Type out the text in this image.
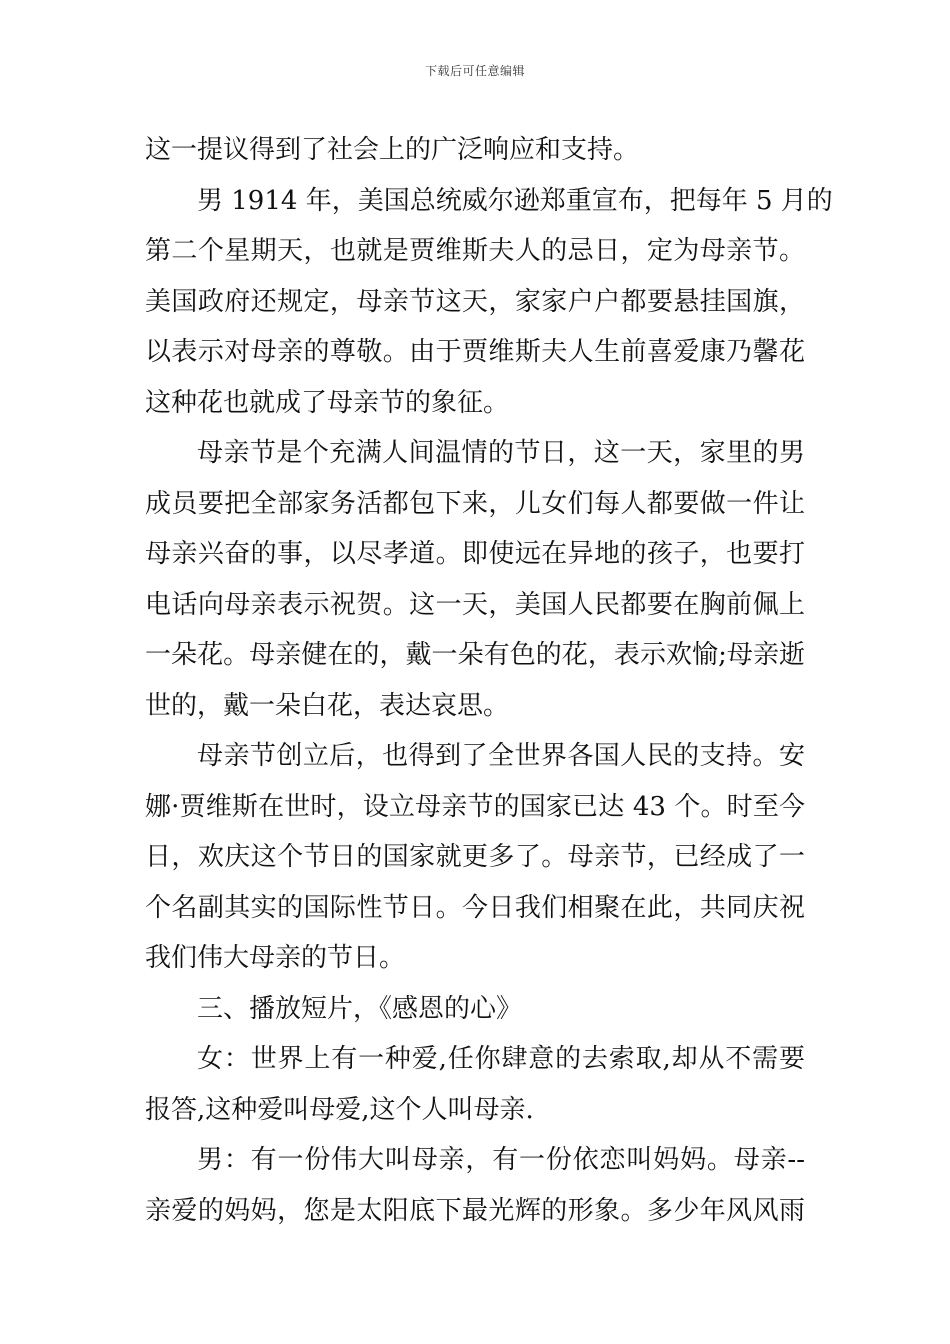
下载后可任意编辑
这一提议得到了社会上的广泛响应和支持。
男 1914 年，美国总统威尔逊郑重宣布，把每年 5 月的
第二个星期天，也就是贾维斯夫人的忌日，定为母亲节。
美国政府还规定，母亲节这天，家家户户都要悬挂国旗，
以表示对母亲的尊敬。由于贾维斯夫人生前喜爱康乃馨花
这种花也就成了母亲节的象征。
母亲节是个充满人间温情的节日，这一天，家里的男
成员要把全部家务活都包下来，儿女们每人都要做一件让
母亲兴奋的事，以尽孝道。即使远在异地的孩子，也要打
电话向母亲表示祝贺。这一天，美国人民都要在胸前佩上
一朵花。母亲健在的，戴一朵有色的花，表示欢愉;母亲逝
世的，戴一朵白花，表达哀思。
母亲节创立后，也得到了全世界各国人民的支持。安
娜·贾维斯在世时，设立母亲节的国家已达 43 个。时至今
日，欢庆这个节日的国家就更多了。母亲节，已经成了一
个名副其实的国际性节日。今日我们相聚在此，共同庆祝
我们伟大母亲的节日。
三、播放短片，《感恩的心》
女：世界上有一种爱,任你肆意的去索取,却从不需要
报答,这种爱叫母爱,这个人叫母亲.
男：有一份伟大叫母亲，有一份依恋叫妈妈。母亲--
亲爱的妈妈，您是太阳底下最光辉的形象。多少年风风雨
